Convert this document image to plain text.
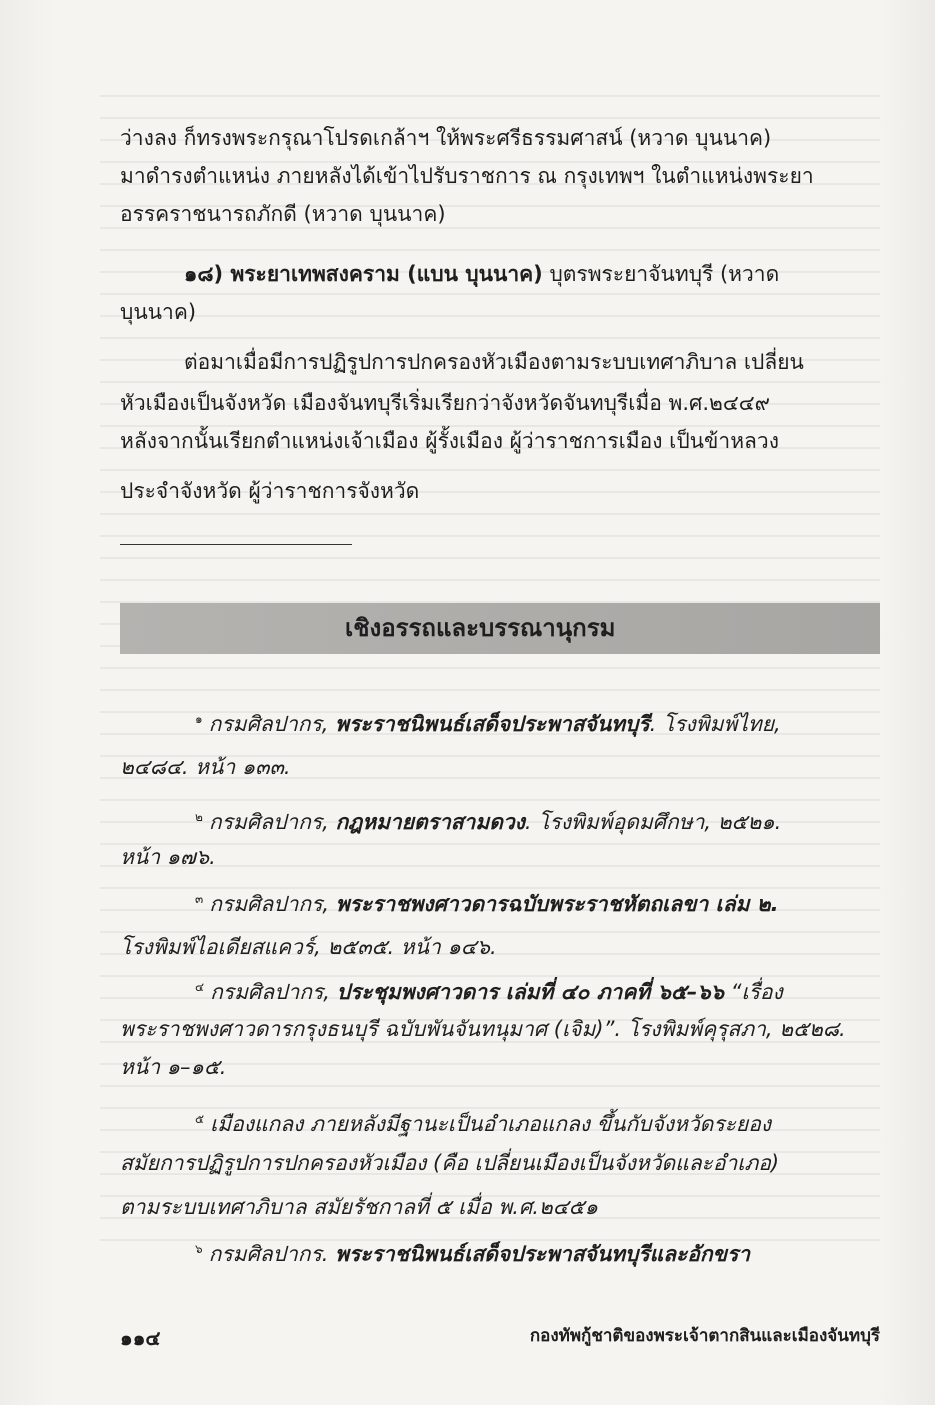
ว่างลง ก็ทรงพระกรุณาโปรดเกล้าฯ ให้พระศรีธรรมศาสน์ (หวาด บุนนาค)

มาดำรงตำแหน่ง ภายหลังได้เข้าไปรับราชการ ณ กรุงเทพฯ ในตำแหน่งพระยา

อรรคราชนารถภักดี (หวาด บุนนาค)

๑๘) พระยาเทพสงคราม (แบน บุนนาค) บุตรพระยาจันทบุรี (หวาด

บุนนาค)

ต่อมาเมื่อมีการปฏิรูปการปกครองหัวเมืองตามระบบเทศาภิบาล เปลี่ยน

หัวเมืองเป็นจังหวัด เมืองจันทบุรีเริ่มเรียกว่าจังหวัดจันทบุรีเมื่อ พ.ศ.๒๔๔๙

หลังจากนั้นเรียกตำแหน่งเจ้าเมือง ผู้รั้งเมือง ผู้ว่าราชการเมือง เป็นข้าหลวง

ประจำจังหวัด ผู้ว่าราชการจังหวัด

เชิงอรรถและบรรณานุกรม
$^๑$ กรมศิลปากร, พระราชนิพนธ์เสด็จประพาสจันทบุรี. โรงพิมพ์ไทย,
๒๔๘๔. หน้า ๑๓๓.
$^๒$ กรมศิลปากร, กฎหมายตราสามดวง. โรงพิมพ์อุดมศึกษา, ๒๕๒๑.
หน้า ๑๗๖.
$^๓$ กรมศิลปากร, พระราชพงศาวดารฉบับพระราชหัตถเลขา เล่ม ๒.
โรงพิมพ์ไอเดียสแควร์, ๒๕๓๕. หน้า ๑๔๖.
$^๔$ กรมศิลปากร, ประชุมพงศาวดาร เล่มที่ ๔๐ ภาคที่ ๖๕–๖๖ “เรื่อง
พระราชพงศาวดารกรุงธนบุรี ฉบับพันจันทนุมาศ (เจิม)”. โรงพิมพ์คุรุสภา, ๒๕๒๘.
หน้า ๑–๑๕.
$^๕$ เมืองแกลง ภายหลังมีฐานะเป็นอำเภอแกลง ขึ้นกับจังหวัดระยอง
สมัยการปฏิรูปการปกครองหัวเมือง (คือ เปลี่ยนเมืองเป็นจังหวัดและอำเภอ)
ตามระบบเทศาภิบาล สมัยรัชกาลที่ ๕ เมื่อ พ.ศ.๒๔๕๑
$^๖$ กรมศิลปากร. พระราชนิพนธ์เสด็จประพาสจันทบุรีและอักขรา
๑๑๔	กองทัพกู้ชาติของพระเจ้าตากสินและเมืองจันทบุรี
